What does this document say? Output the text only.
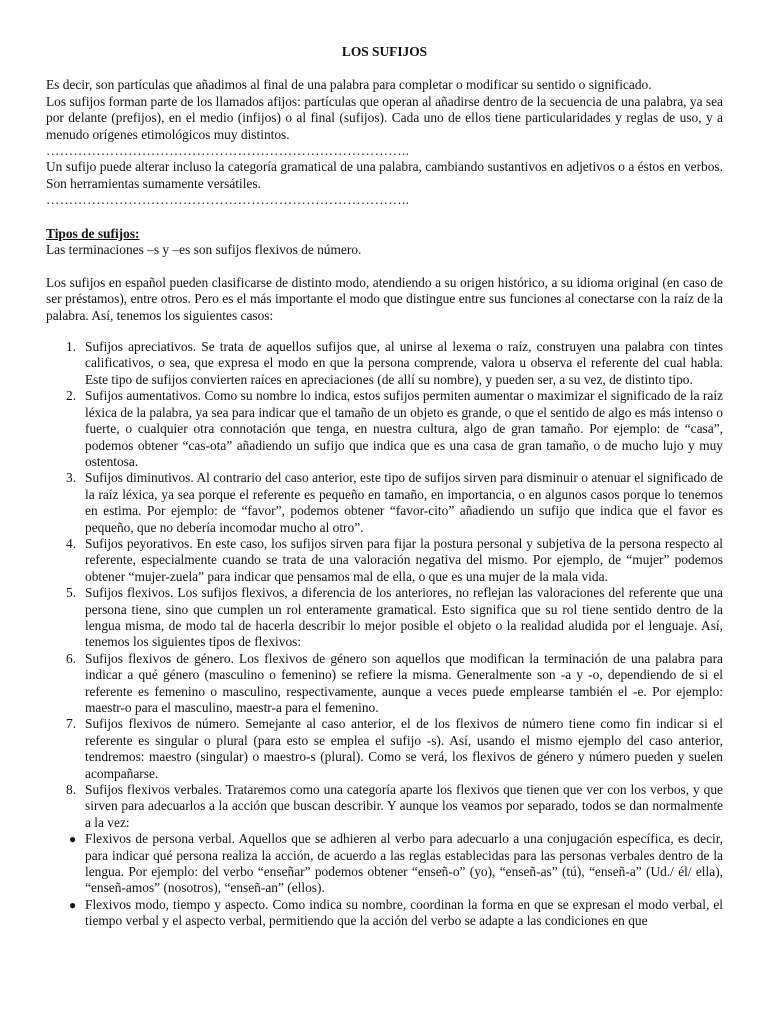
LOS SUFIJOS

Es decir, son partículas que añadimos al final de una palabra para completar o modificar su sentido o significado.

Los sufijos forman parte de los llamados afijos: partículas que operan al añadirse dentro de la secuencia de una palabra, ya sea por delante (prefijos), en el medio (infijos) o al final (sufijos). Cada uno de ellos tiene particularidades y reglas de uso, y a menudo orígenes etimológicos muy distintos.

……………………………………………………………………..

Un sufijo puede alterar incluso la categoría gramatical de una palabra, cambiando sustantivos en adjetivos o a éstos en verbos. Son herramientas sumamente versátiles.

……………………………………………………………………..
Tipos de sufijos:

Las terminaciones –s y –es son sufijos flexivos de número.

Los sufijos en español pueden clasificarse de distinto modo, atendiendo a su origen histórico, a su idioma original (en caso de ser préstamos), entre otros. Pero es el más importante el modo que distingue entre sus funciones al conectarse con la raíz de la palabra. Así, tenemos los siguientes casos:

1. Sufijos apreciativos. Se trata de aquellos sufijos que, al unirse al lexema o raíz, construyen una palabra con tintes calificativos, o sea, que expresa el modo en que la persona comprende, valora u observa el referente del cual habla. Este tipo de sufijos convierten raíces en apreciaciones (de allí su nombre), y pueden ser, a su vez, de distinto tipo.
2. Sufijos aumentativos. Como su nombre lo indica, estos sufijos permiten aumentar o maximizar el significado de la raíz léxica de la palabra, ya sea para indicar que el tamaño de un objeto es grande, o que el sentido de algo es más intenso o fuerte, o cualquier otra connotación que tenga, en nuestra cultura, algo de gran tamaño. Por ejemplo: de “casa”, podemos obtener “cas-ota” añadiendo un sufijo que indica que es una casa de gran tamaño, o de mucho lujo y muy ostentosa.
3. Sufijos diminutivos. Al contrario del caso anterior, este tipo de sufijos sirven para disminuir o atenuar el significado de la raíz léxica, ya sea porque el referente es pequeño en tamaño, en importancia, o en algunos casos porque lo tenemos en estima. Por ejemplo: de “favor”, podemos obtener “favor-cito” añadiendo un sufijo que indica que el favor es pequeño, que no debería incomodar mucho al otro”.
4. Sufijos peyorativos. En este caso, los sufijos sirven para fijar la postura personal y subjetiva de la persona respecto al referente, especialmente cuando se trata de una valoración negativa del mismo. Por ejemplo, de “mujer” podemos obtener “mujer-zuela” para indicar que pensamos mal de ella, o que es una mujer de la mala vida.
5. Sufijos flexivos. Los sufijos flexivos, a diferencia de los anteriores, no reflejan las valoraciones del referente que una persona tiene, sino que cumplen un rol enteramente gramatical. Esto significa que su rol tiene sentido dentro de la lengua misma, de modo tal de hacerla describir lo mejor posible el objeto o la realidad aludida por el lenguaje. Así, tenemos los siguientes tipos de flexivos:
6. Sufijos flexivos de género. Los flexivos de género son aquellos que modifican la terminación de una palabra para indicar a qué género (masculino o femenino) se refiere la misma. Generalmente son -a y -o, dependiendo de si el referente es femenino o masculino, respectivamente, aunque a veces puede emplearse también el -e. Por ejemplo: maestr-o para el masculino, maestr-a para el femenino.
7. Sufijos flexivos de número. Semejante al caso anterior, el de los flexivos de número tiene como fin indicar si el referente es singular o plural (para esto se emplea el sufijo -s). Así, usando el mismo ejemplo del caso anterior, tendremos: maestro (singular) o maestro-s (plural). Como se verá, los flexivos de género y número pueden y suelen acompañarse.
8. Sufijos flexivos verbales. Trataremos como una categoría aparte los flexivos que tienen que ver con los verbos, y que sirven para adecuarlos a la acción que buscan describir. Y aunque los veamos por separado, todos se dan normalmente a la vez:
● Flexivos de persona verbal. Aquellos que se adhieren al verbo para adecuarlo a una conjugación específica, es decir, para indicar qué persona realiza la acción, de acuerdo a las reglas establecidas para las personas verbales dentro de la lengua. Por ejemplo: del verbo “enseñar” podemos obtener “enseñ-o” (yo), “enseñ-as” (tú), “enseñ-a” (Ud./ él/ ella), “enseñ-amos” (nosotros), “enseñ-an” (ellos).
● Flexivos modo, tiempo y aspecto. Como indica su nombre, coordinan la forma en que se expresan el modo verbal, el tiempo verbal y el aspecto verbal, permitiendo que la acción del verbo se adapte a las condiciones en que
